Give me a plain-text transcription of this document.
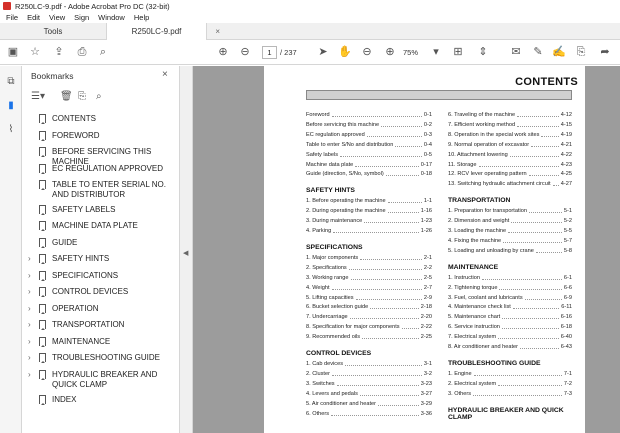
R250LC-9.pdf - Adobe Acrobat Pro DC (32-bit)
File Edit View Sign Window Help
Tools	R250LC-9.pdf	×
▣ ☆ ⇪ ⎙	⌕	⊕ ⊖	1	/ 237 ➤ ✋ ⊖ ⊕	75%	▾	⊞ ⇕ ✉ ✎ ✍ ⎘ ➦
⧉
▮
⌇
Bookmarks	×
☰▾ 🗑 ⎘ ⌕
CONTENTS
FOREWORD
BEFORE SERVICING THIS MACHINE
EC REGULATION APPROVED
TABLE TO ENTER SERIAL NO. AND DISTRIBUTOR
SAFETY LABELS
MACHINE DATA PLATE
GUIDE
›	SAFETY HINTS
›	SPECIFICATIONS
›	CONTROL DEVICES
›	OPERATION
›	TRANSPORTATION
›	MAINTENANCE
›	TROUBLESHOOTING GUIDE
›	HYDRAULIC BREAKER AND QUICK CLAMP
INDEX
◀
CONTENTS
Foreword	0-1
Before servicing this machine	0-2
EC regulation approved	0-3
Table to enter S/No and distribution	0-4
Safety labels	0-5
Machine data plate	0-17
Guide (direction, S/No, symbol)	0-18
SAFETY HINTS
1. Before operating the machine	1-1
2. During operating the machine	1-16
3. During maintenance	1-23
4. Parking	1-26
SPECIFICATIONS
1. Major components	2-1
2. Specifications	2-2
3. Working range	2-5
4. Weight	2-7
5. Lifting capacities	2-9
6. Bucket selection guide	2-18
7. Undercarriage	2-20
8. Specification for major components	2-22
9. Recommended oils	2-25
CONTROL DEVICES
1. Cab devices	3-1
2. Cluster	3-2
3. Switches	3-23
4. Levers and pedals	3-27
5. Air conditioner and heater	3-29
6. Others	3-36
6. Traveling of the machine	4-12
7. Efficient working method	4-15
8. Operation in the special work sites	4-19
9. Normal operation of excavator	4-21
10. Attachment lowering	4-22
11. Storage	4-23
12. RCV lever operating pattern	4-25
13. Switching hydraulic attachment circuit 4-27
TRANSPORTATION
1. Preparation for transportation	5-1
2. Dimension and weight	5-2
3. Loading the machine	5-5
4. Fixing the machine	5-7
5. Loading and unloading by crane	5-8
MAINTENANCE
1. Instruction	6-1
2. Tightening torque	6-6
3. Fuel, coolant and lubricants	6-9
4. Maintenance check list	6-11
5. Maintenance chart	6-16
6. Service instruction	6-18
7. Electrical system	6-40
8. Air conditioner and heater	6-43
TROUBLESHOOTING GUIDE
1. Engine	7-1
2. Electrical system	7-2
3. Others	7-3
HYDRAULIC BREAKER AND QUICK CLAMP
